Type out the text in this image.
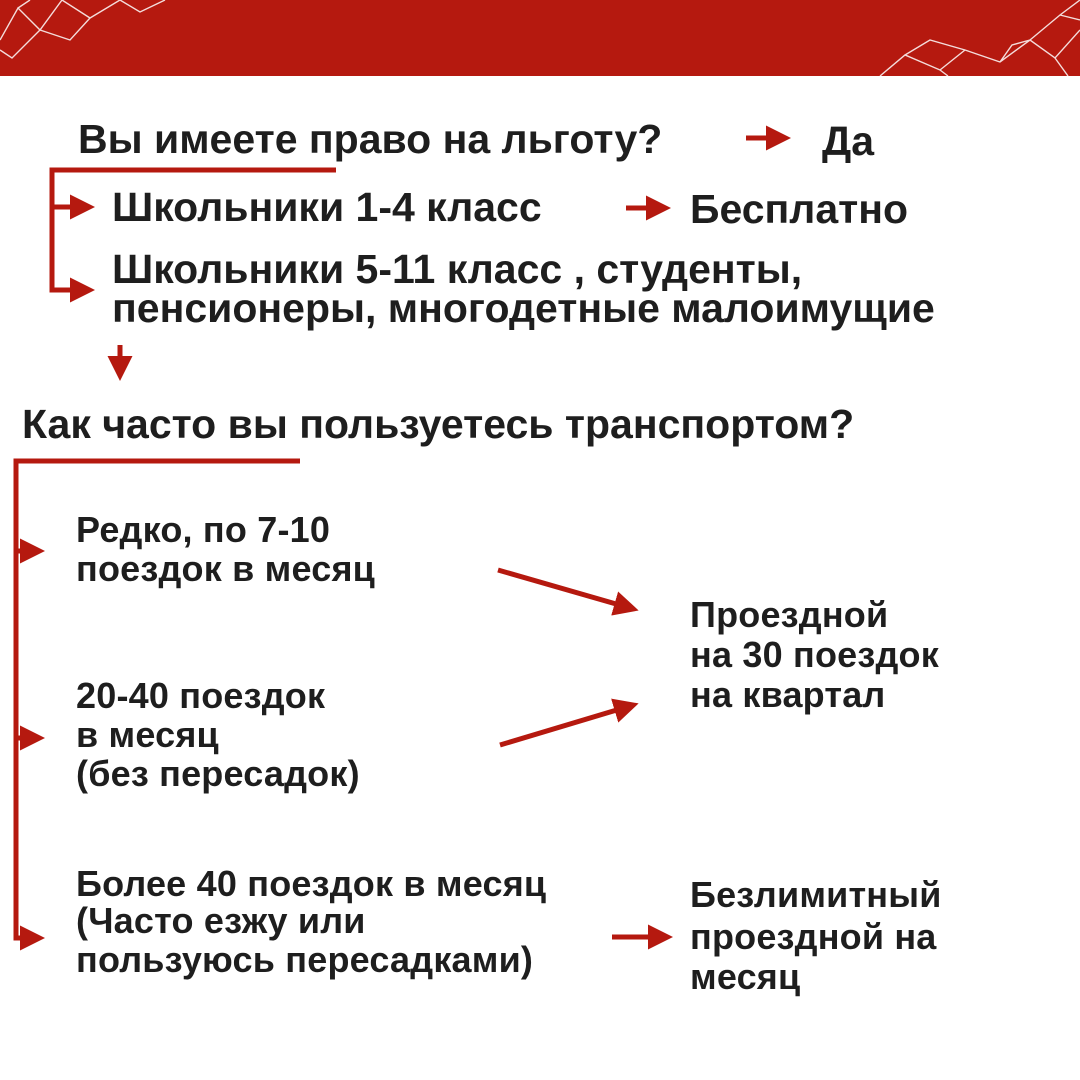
Вы имеете право на льготу?	Да
Школьники 1-4 класс	Бесплатно
Школьники 5-11 класс , студенты,
пенсионеры, многодетные малоимущие
Как часто вы пользуетесь транспортом?
Редко, по 7-10
поездок в месяц
20-40 поездок
в месяц
(без пересадок)
Более 40 поездок в месяц
(Часто езжу или
пользуюсь пересадками)
Проездной
на 30 поездок
на квартал
Безлимитный
проездной на
месяц
